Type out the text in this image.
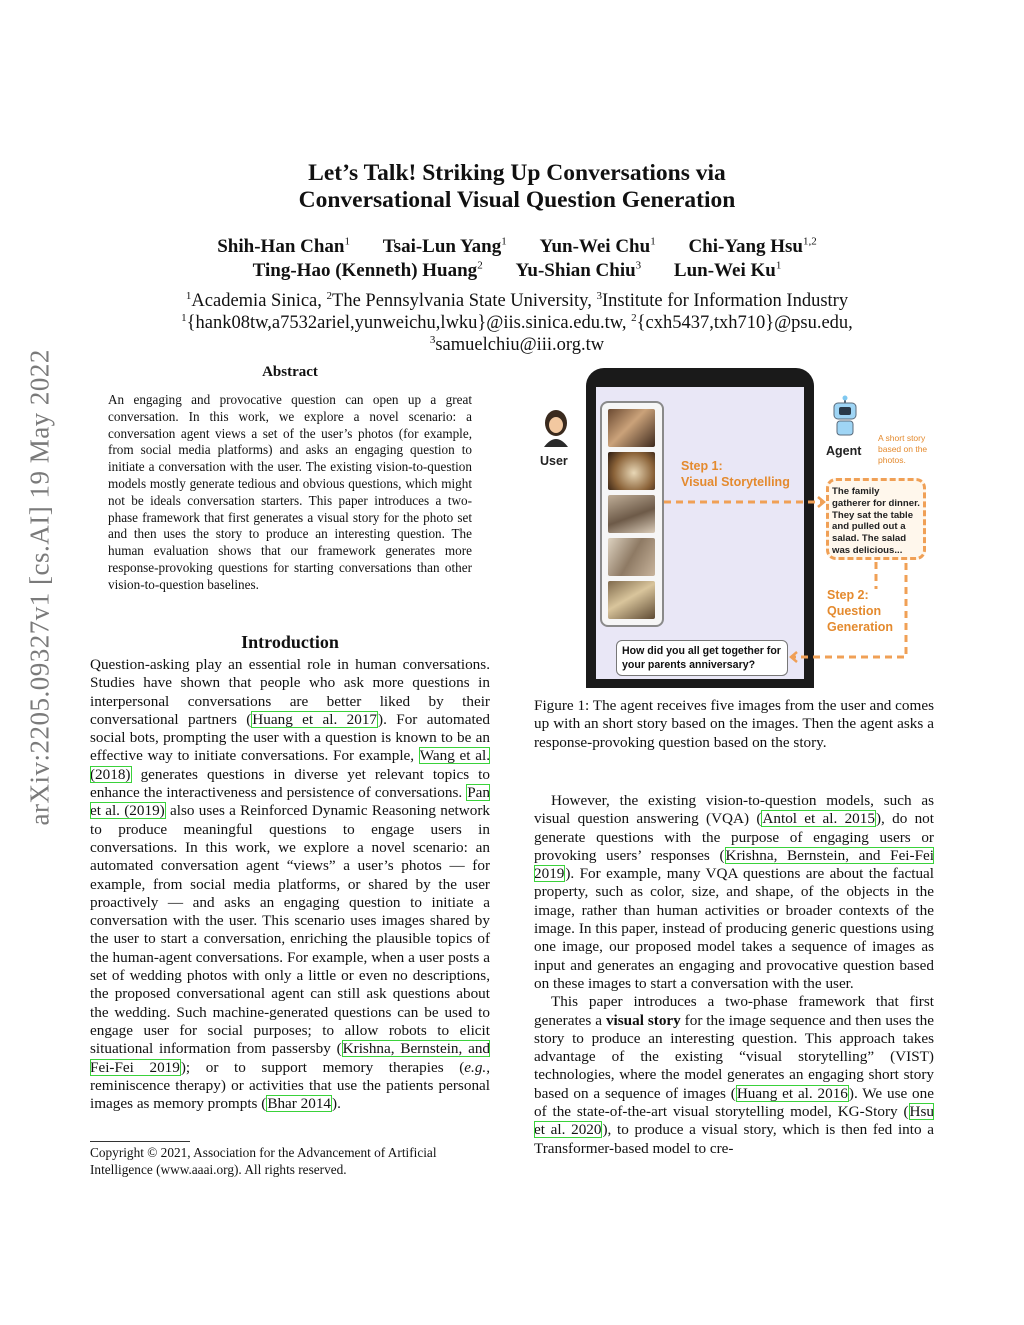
arXiv:2205.09327v1 [cs.AI] 19 May 2022
Let’s Talk! Striking Up Conversations via
Conversational Visual Question Generation
Shih-Han Chan$^1$ Tsai-Lun Yang$^1$ Yun-Wei Chu$^1$ Chi-Yang Hsu$^{1,2}$
Ting-Hao (Kenneth) Huang$^2$ Yu-Shian Chiu$^3$ Lun-Wei Ku$^1$
$^1$Academia Sinica, $^2$The Pennsylvania State University, $^3$Institute for Information Industry
$^1${hank08tw,a7532ariel,yunweichu,lwku}@iis.sinica.edu.tw, $^2${cxh5437,txh710}@psu.edu,
$^3$samuelchiu@iii.org.tw
Abstract
An engaging and provocative question can open up a great conversation. In this work, we explore a novel scenario: a conversation agent views a set of the user’s photos (for example, from social media platforms) and asks an engaging question to initiate a conversation with the user. The existing vision-to-question models mostly generate tedious and obvious questions, which might not be ideals conversation starters. This paper introduces a two-phase framework that first generates a visual story for the photo set and then uses the story to produce an interesting question. The human evaluation shows that our framework generates more response-provoking questions for starting conversations than other vision-to-question baselines.
Introduction

Question-asking play an essential role in human conversations. Studies have shown that people who ask more questions in interpersonal conversations are better liked by their conversational partners (Huang et al. 2017). For automated social bots, prompting the user with a question is known to be an effective way to initiate conversations. For example, Wang et al. (2018) generates questions in diverse yet relevant topics to enhance the interactiveness and persistence of conversations. Pan et al. (2019) also uses a Reinforced Dynamic Reasoning network to produce meaningful questions to engage users in conversations. In this work, we explore a novel scenario: an automated conversation agent “views” a user’s photos — for example, from social media platforms, or shared by the user proactively — and asks an engaging question to initiate a conversation with the user. This scenario uses images shared by the user to start a conversation, enriching the plausible topics of the human-agent conversations. For example, when a user posts a set of wedding photos with only a little or even no descriptions, the proposed conversational agent can still ask questions about the wedding. Such machine-generated questions can be used to engage user for social purposes; to allow robots to elicit situational information from passersby (Krishna, Bernstein, and Fei-Fei 2019); or to support memory therapies (e.g., reminiscence therapy) or activities that use the patients personal images as memory prompts (Bhar 2014).

Copyright © 2021, Association for the Advancement of Artificial Intelligence (www.aaai.org). All rights reserved.
User
Agent
A short story
based on the
photos.
Step 1:
Visual Storytelling
The family gatherer for dinner. They sat the table and pulled out a salad. The salad was delicious...
Step 2:
Question
Generation
How did you all get together for your parents anniversary?
Figure 1: The agent receives five images from the user and comes up with an short story based on the images. Then the agent asks a response-provoking question based on the story.

However, the existing vision-to-question models, such as visual question answering (VQA) (Antol et al. 2015), do not generate questions with the purpose of engaging users or provoking users’ responses (Krishna, Bernstein, and Fei-Fei 2019). For example, many VQA questions are about the factual property, such as color, size, and shape, of the objects in the image, rather than human activities or broader contexts of the image. In this paper, instead of producing generic questions using one image, our proposed model takes a sequence of images as input and generates an engaging and provocative question based on these images to start a conversation with the user.

This paper introduces a two-phase framework that first generates a visual story for the image sequence and then uses the story to produce an interesting question. This approach takes advantage of the existing “visual storytelling” (VIST) technologies, where the model generates an engaging short story based on a sequence of images (Huang et al. 2016). We use one of the state-of-the-art visual storytelling model, KG-Story (Hsu et al. 2020), to produce a visual story, which is then fed into a Transformer-based model to cre-
